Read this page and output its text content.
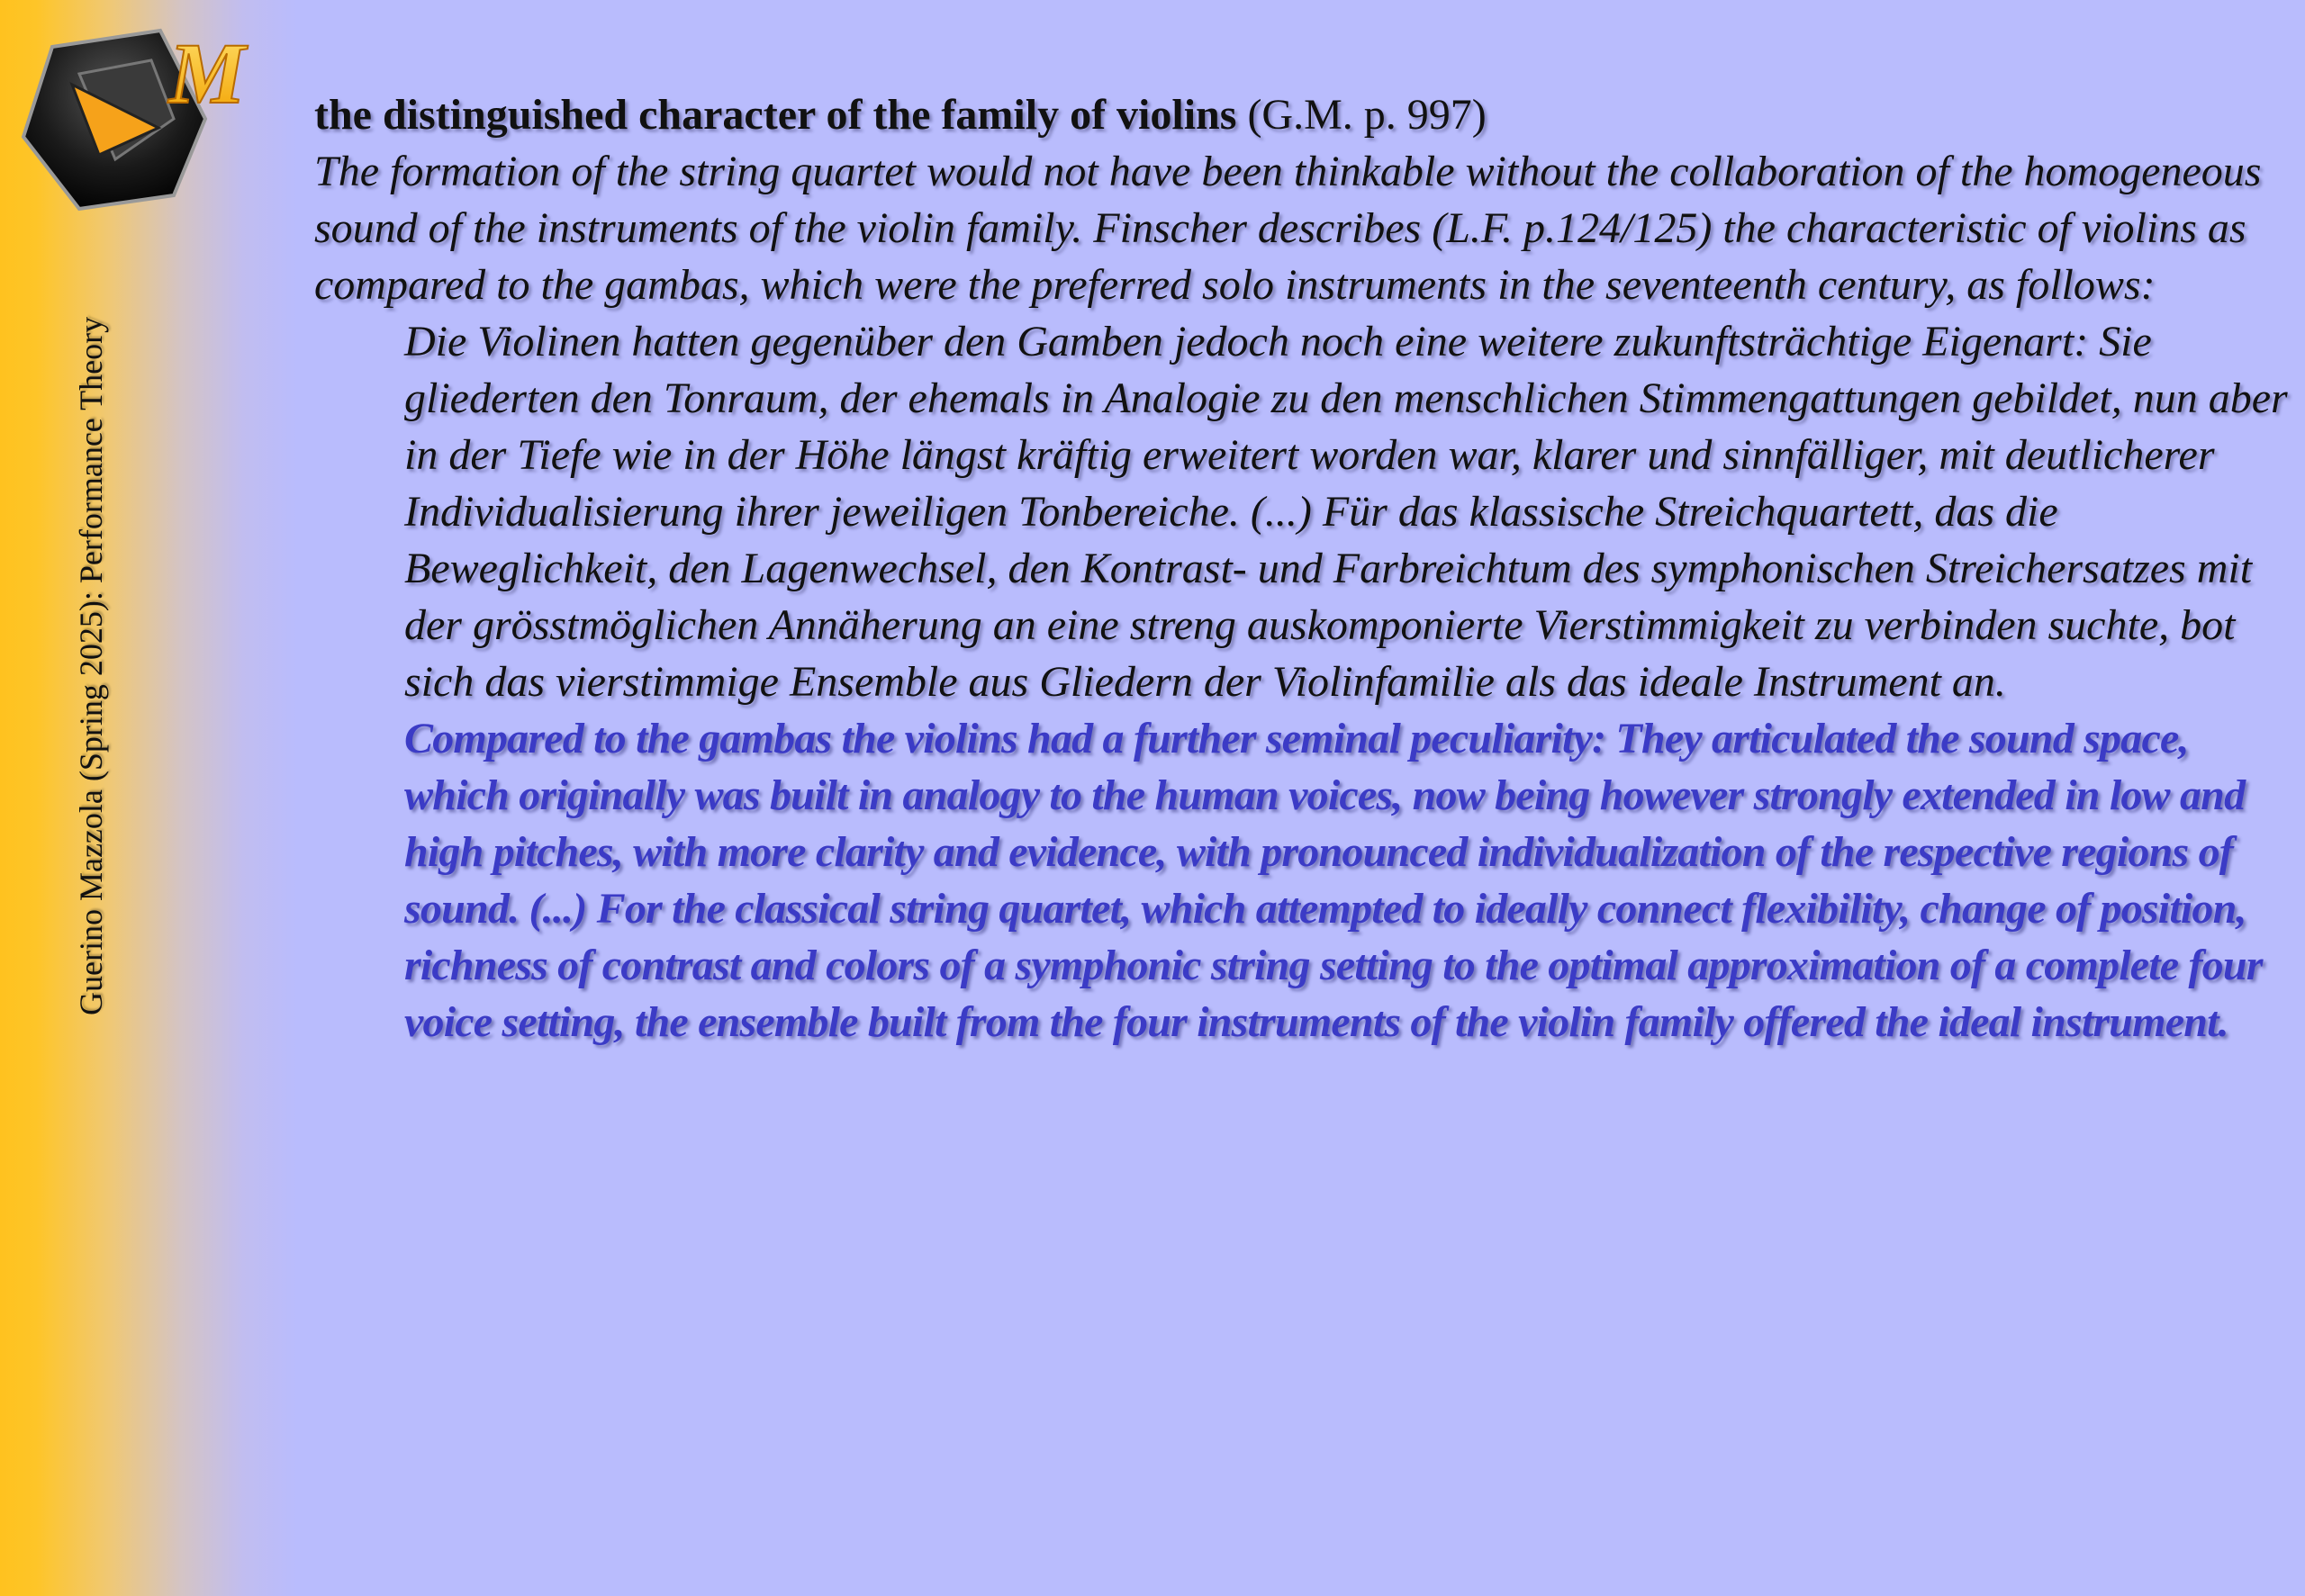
M
Guerino Mazzola (Spring 2025): Performance Theory

the distinguished character of the family of violins (G.M. p. 997)

The formation of the string quartet would not have been thinkable without the collaboration of the homogeneous sound of the instruments of the violin family. Finscher describes (L.F. p.124/125) the characteristic of violins as compared to the gambas, which were the preferred solo instruments in the seventeenth century, as follows:

Die Violinen hatten gegenüber den Gamben jedoch noch eine weitere zukunftsträchtige Eigenart: Sie gliederten den Tonraum, der ehemals in Analogie zu den menschlichen Stimmengattungen gebildet, nun aber in der Tiefe wie in der Höhe längst kräftig erweitert worden war, klarer und sinnfälliger, mit deutlicherer Individualisierung ihrer jeweiligen Tonbereiche. (...) Für das klassische Streichquartett, das die Beweglichkeit, den Lagenwechsel, den Kontrast- und Farbreichtum des symphonischen Streichersatzes mit der grösstmöglichen Annäherung an eine streng auskomponierte Vierstimmigkeit zu verbinden suchte, bot sich das vierstimmige Ensemble aus Gliedern der Violinfamilie als das ideale Instrument an.

Compared to the gambas the violins had a further seminal peculiarity: They articulated the sound space, which originally was built in analogy to the human voices, now being however strongly extended in low and high pitches, with more clarity and evidence, with pronounced individualization of the respective regions of sound. (...) For the classical string quartet, which attempted to ideally connect flexibility, change of position, richness of contrast and colors of a symphonic string setting to the optimal approximation of a complete four voice setting, the ensemble built from the four instruments of the violin family offered the ideal instrument.
